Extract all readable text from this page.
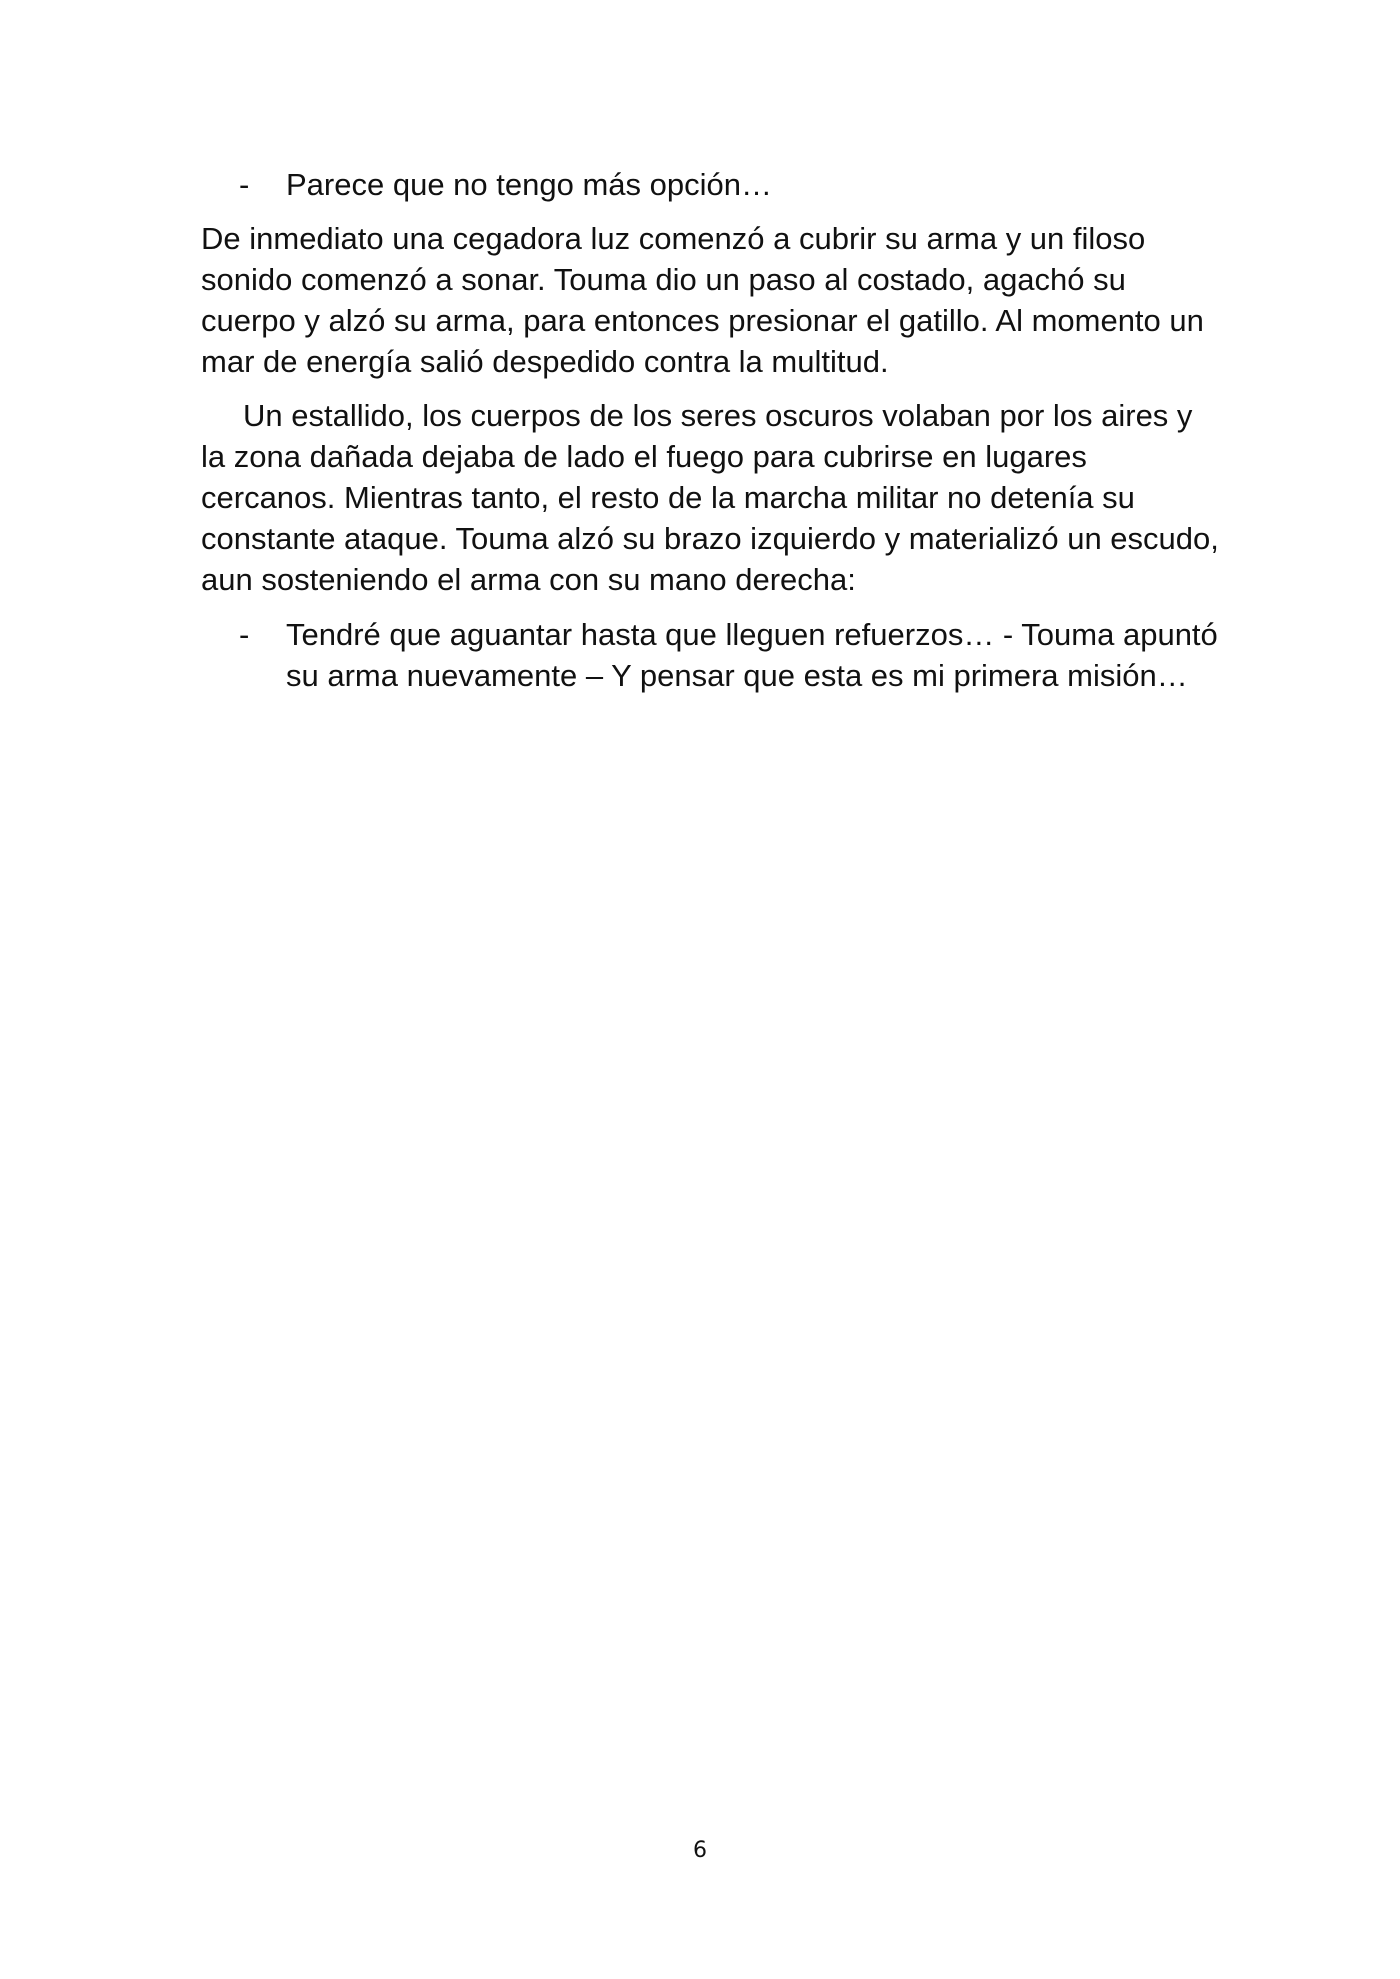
-	Parece que no tengo más opción…

De inmediato una cegadora luz comenzó a cubrir su arma y un filoso sonido comenzó a sonar. Touma dio un paso al costado, agachó su cuerpo y alzó su arma, para entonces presionar el gatillo. Al momento un mar de energía salió despedido contra la multitud.

Un estallido, los cuerpos de los seres oscuros volaban por los aires y la zona dañada dejaba de lado el fuego para cubrirse en lugares cercanos. Mientras tanto, el resto de la marcha militar no detenía su constante ataque. Touma alzó su brazo izquierdo y materializó un escudo, aun sosteniendo el arma con su mano derecha:

-	Tendré que aguantar hasta que lleguen refuerzos… - Touma apuntó su arma nuevamente – Y pensar que esta es mi primera misión…
6
